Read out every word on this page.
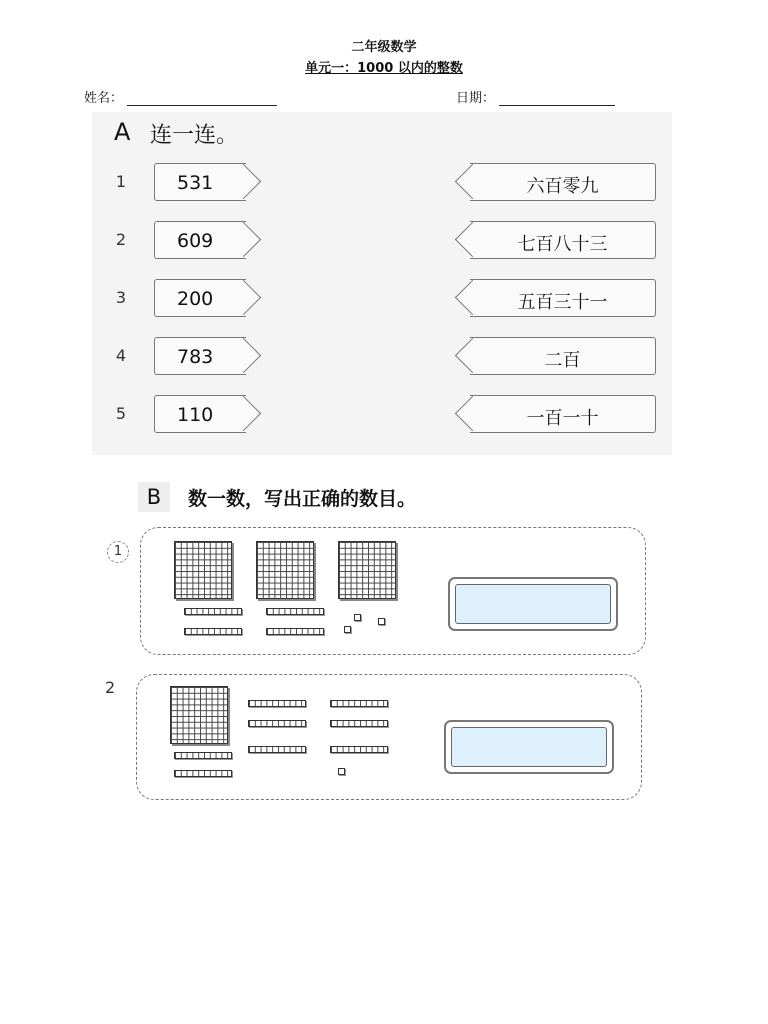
二年级数学
单元一：1000 以内的整数
姓名：	日期：
A 连一连。
1
2
3
4
5
531
609
200
783
110
六百零九
七百八十三
五百三十一
二百
一百一十
B	数一数，写出正确的数目。
1
2
